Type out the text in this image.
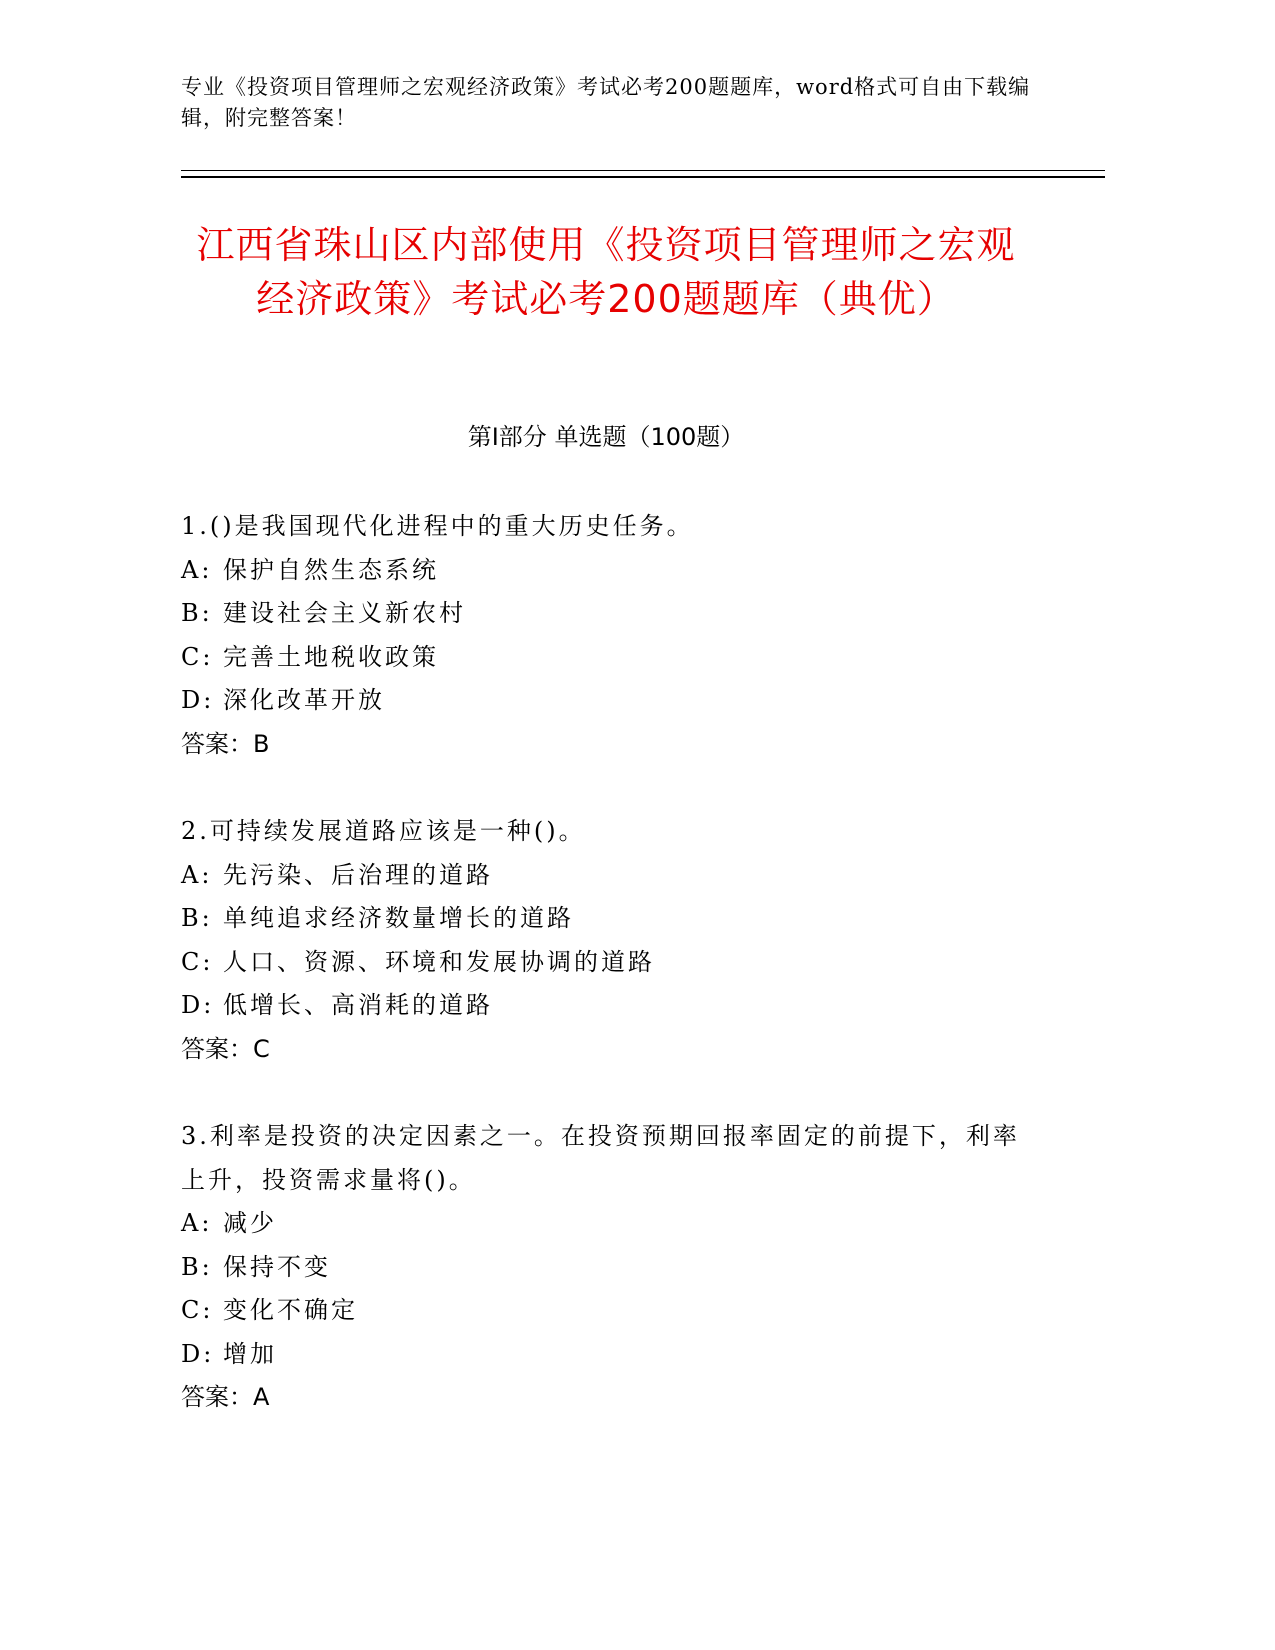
专业《投资项目管理师之宏观经济政策》考试必考200题题库，word格式可自由下载编辑，附完整答案！
江西省珠山区内部使用《投资项目管理师之宏观经济政策》考试必考200题题库（典优）
第I部分 单选题（100题）
1.()是我国现代化进程中的重大历史任务。
A: 保护自然生态系统
B: 建设社会主义新农村
C: 完善土地税收政策
D: 深化改革开放
答案：B
2.可持续发展道路应该是一种()。
A: 先污染、后治理的道路
B: 单纯追求经济数量增长的道路
C: 人口、资源、环境和发展协调的道路
D: 低增长、高消耗的道路
答案：C
3.利率是投资的决定因素之一。在投资预期回报率固定的前提下，利率上升，投资需求量将()。
A: 减少
B: 保持不变
C: 变化不确定
D: 增加
答案：A
